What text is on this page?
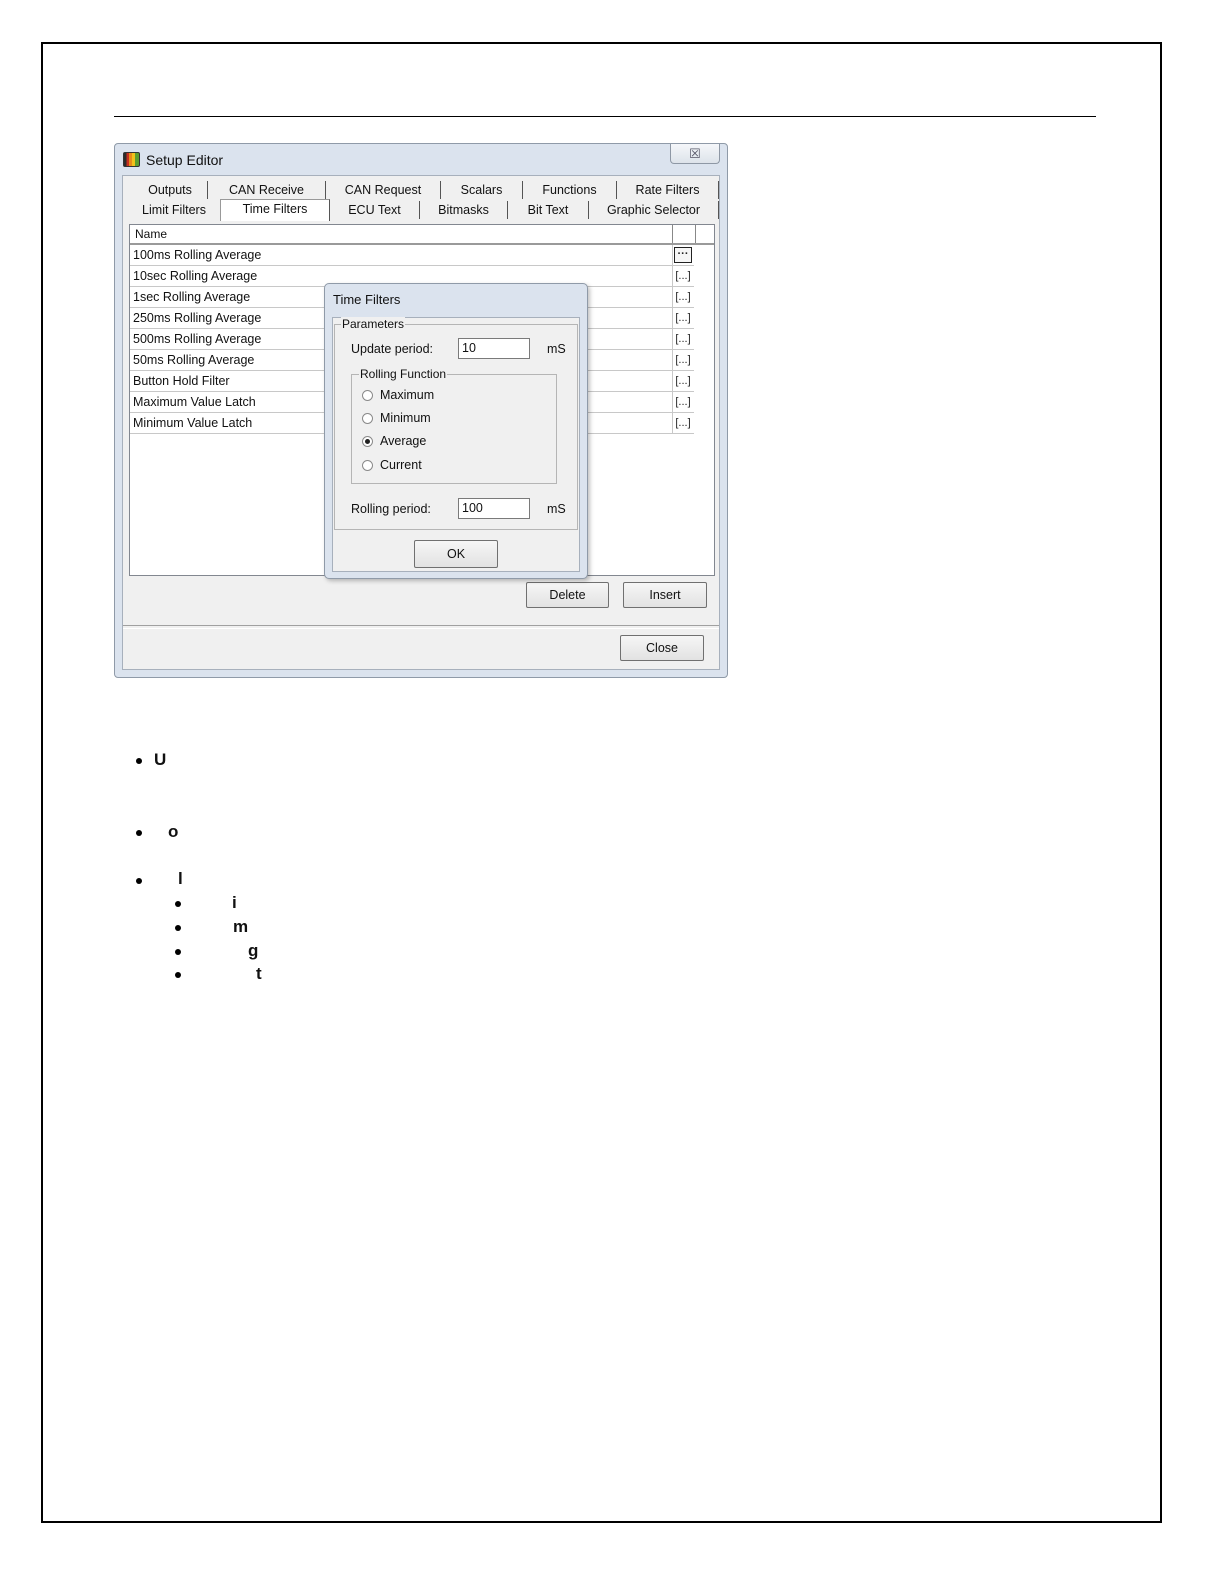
Setup Editor	☒
Outputs	CAN Receive	CAN Request	Scalars	Functions	Rate Filters
Limit Filters	Time Filters	ECU Text	Bitmasks	Bit Text	Graphic Selector
Name
100ms Rolling Average	···
10sec Rolling Average	[...]
1sec Rolling Average	[...]
250ms Rolling Average	[...]
500ms Rolling Average	[...]
50ms Rolling Average	[...]
Button Hold Filter	[...]
Maximum Value Latch	[...]
Minimum Value Latch	[...]
Delete	Insert
Close
Time Filters
Parameters
Update period:	10	mS
Rolling Function
Maximum
Minimum
Average
Current
Rolling period:	100	mS
OK
U
o
l
i
m
g
t
